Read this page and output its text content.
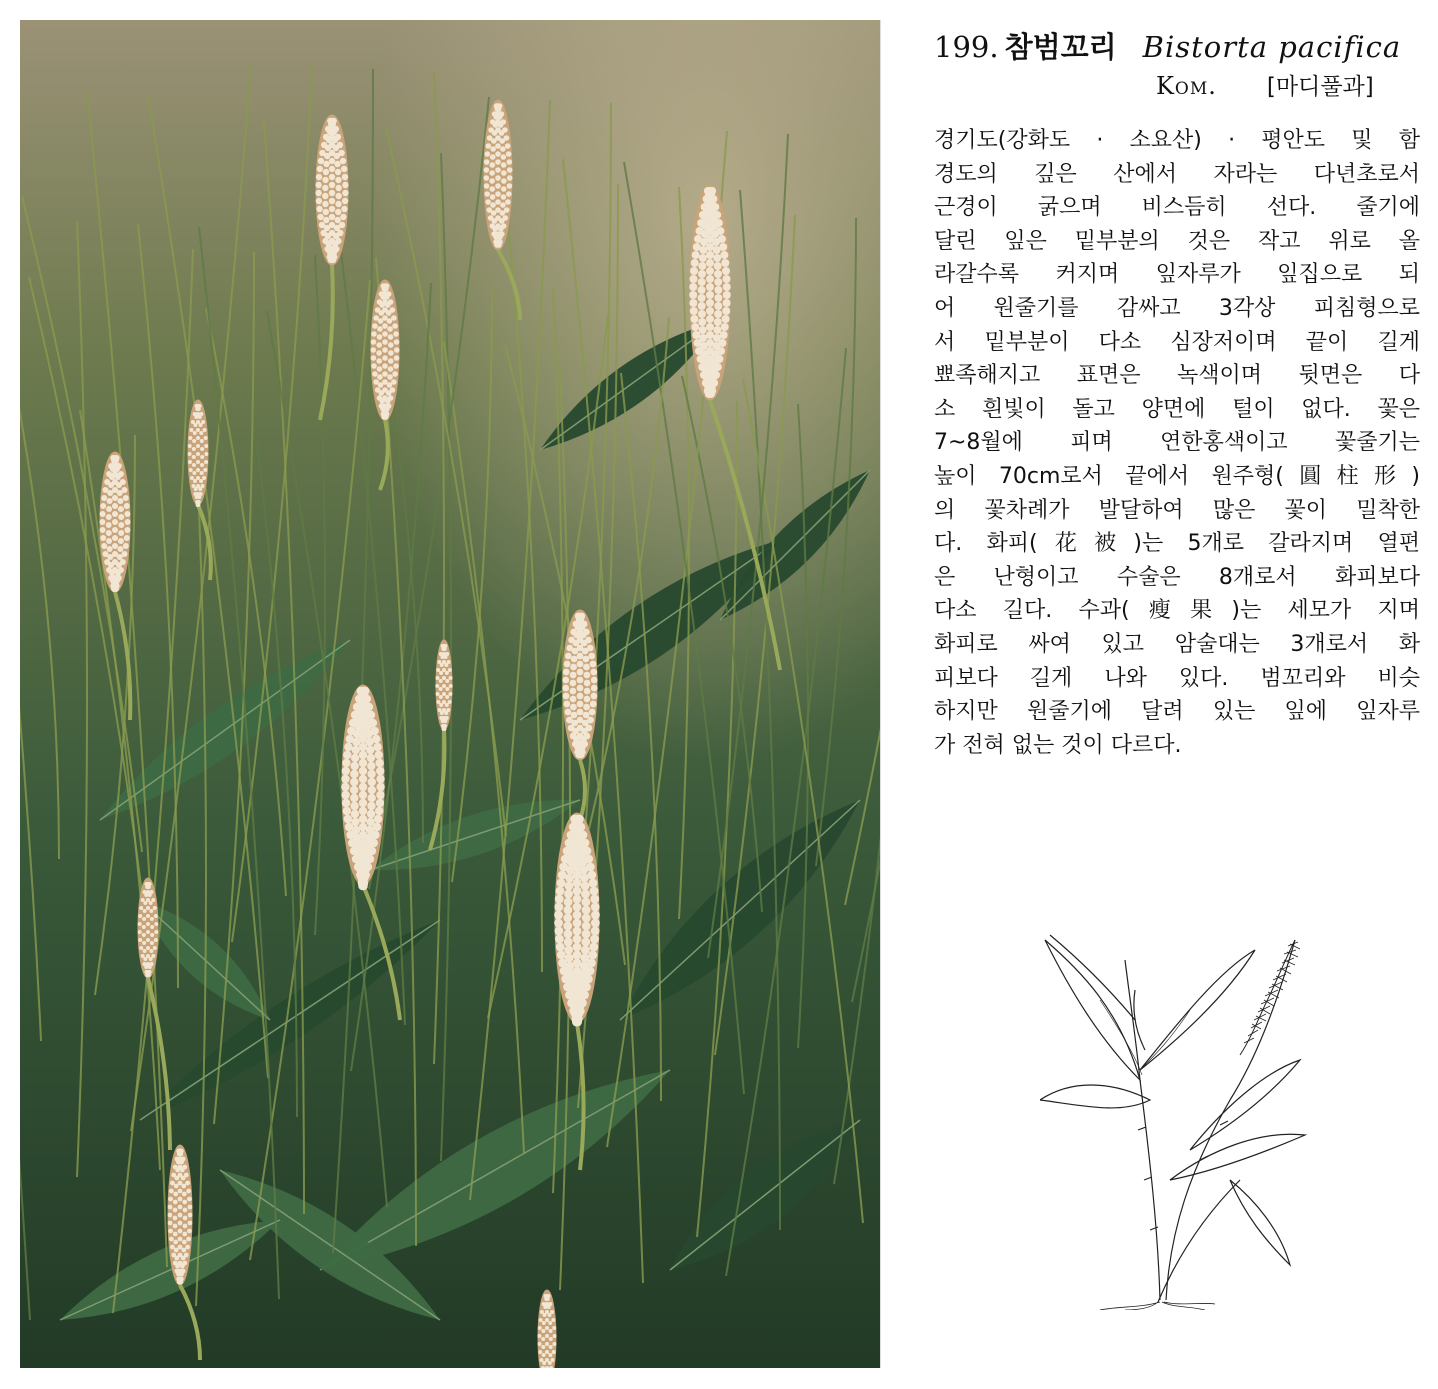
199. 참범꼬리 Bistorta pacifica
Kom. [마디풀과]
경기도(강화도 · 소요산) · 평안도 및 함
경도의 깊은 산에서 자라는 다년초로서
근경이 굵으며 비스듬히 선다. 줄기에
달린 잎은 밑부분의 것은 작고 위로 올
라갈수록 커지며 잎자루가 잎집으로 되
어 원줄기를 감싸고 3각상 피침형으로
서 밑부분이 다소 심장저이며 끝이 길게
뾰족해지고 표면은 녹색이며 뒷면은 다
소 흰빛이 돌고 양면에 털이 없다. 꽃은
7~8월에 피며 연한홍색이고 꽃줄기는
높이 70cm로서 끝에서 원주형(圓柱形)
의 꽃차례가 발달하여 많은 꽃이 밀착한
다. 화피(花被)는 5개로 갈라지며 열편
은 난형이고 수술은 8개로서 화피보다
다소 길다. 수과(瘦果)는 세모가 지며
화피로 싸여 있고 암술대는 3개로서 화
피보다 길게 나와 있다. 범꼬리와 비슷
하지만 원줄기에 달려 있는 잎에 잎자루
가 전혀 없는 것이 다르다.
